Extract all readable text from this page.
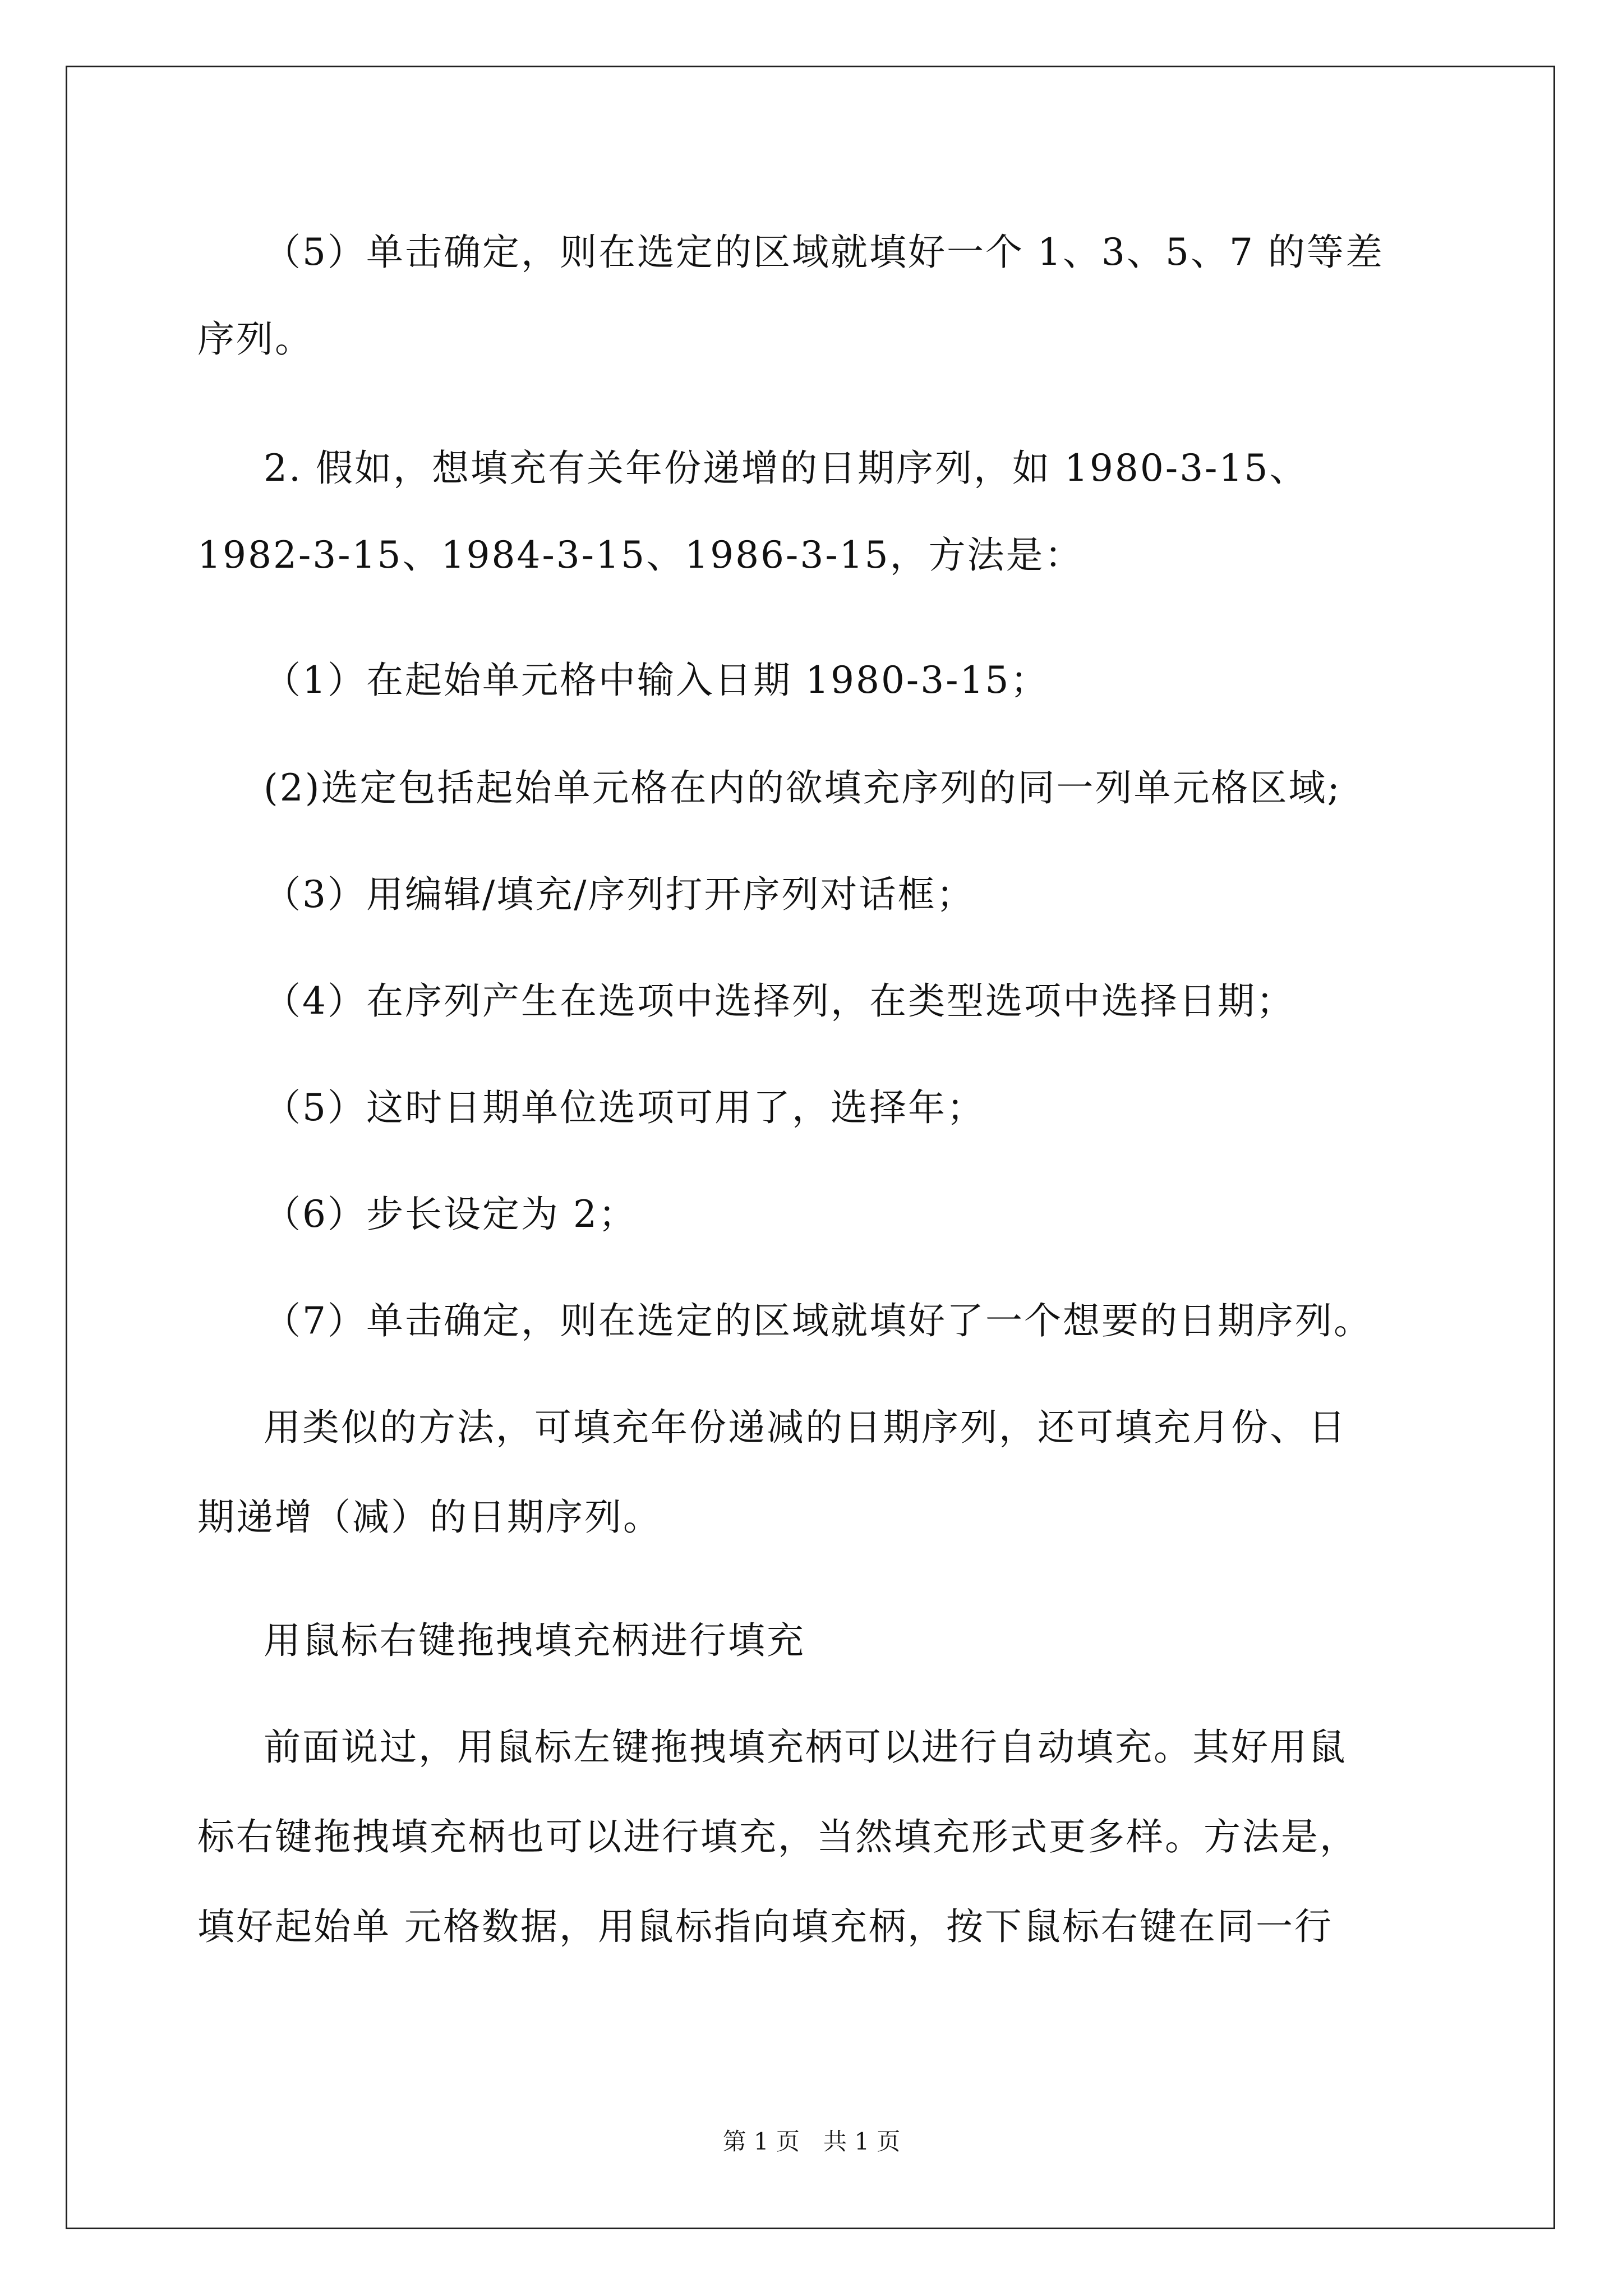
（5）单击确定，则在选定的区域就填好一个 1、3、5、7 的等差
序列。
2. 假如，想填充有关年份递增的日期序列，如 1980-3-15、
1982-3-15、1984-3-15、1986-3-15，方法是：
（1）在起始单元格中输入日期 1980-3-15；
(2)选定包括起始单元格在内的欲填充序列的同一列单元格区域;
（3）用编辑/填充/序列打开序列对话框；
（4）在序列产生在选项中选择列，在类型选项中选择日期；
（5）这时日期单位选项可用了，选择年；
（6）步长设定为 2；
（7）单击确定，则在选定的区域就填好了一个想要的日期序列。
用类似的方法，可填充年份递减的日期序列，还可填充月份、日
期递增（减）的日期序列。
用鼠标右键拖拽填充柄进行填充
前面说过，用鼠标左键拖拽填充柄可以进行自动填充。其好用鼠
标右键拖拽填充柄也可以进行填充，当然填充形式更多样。方法是，
填好起始单 元格数据，用鼠标指向填充柄，按下鼠标右键在同一行
第 1 页　共 1 页
